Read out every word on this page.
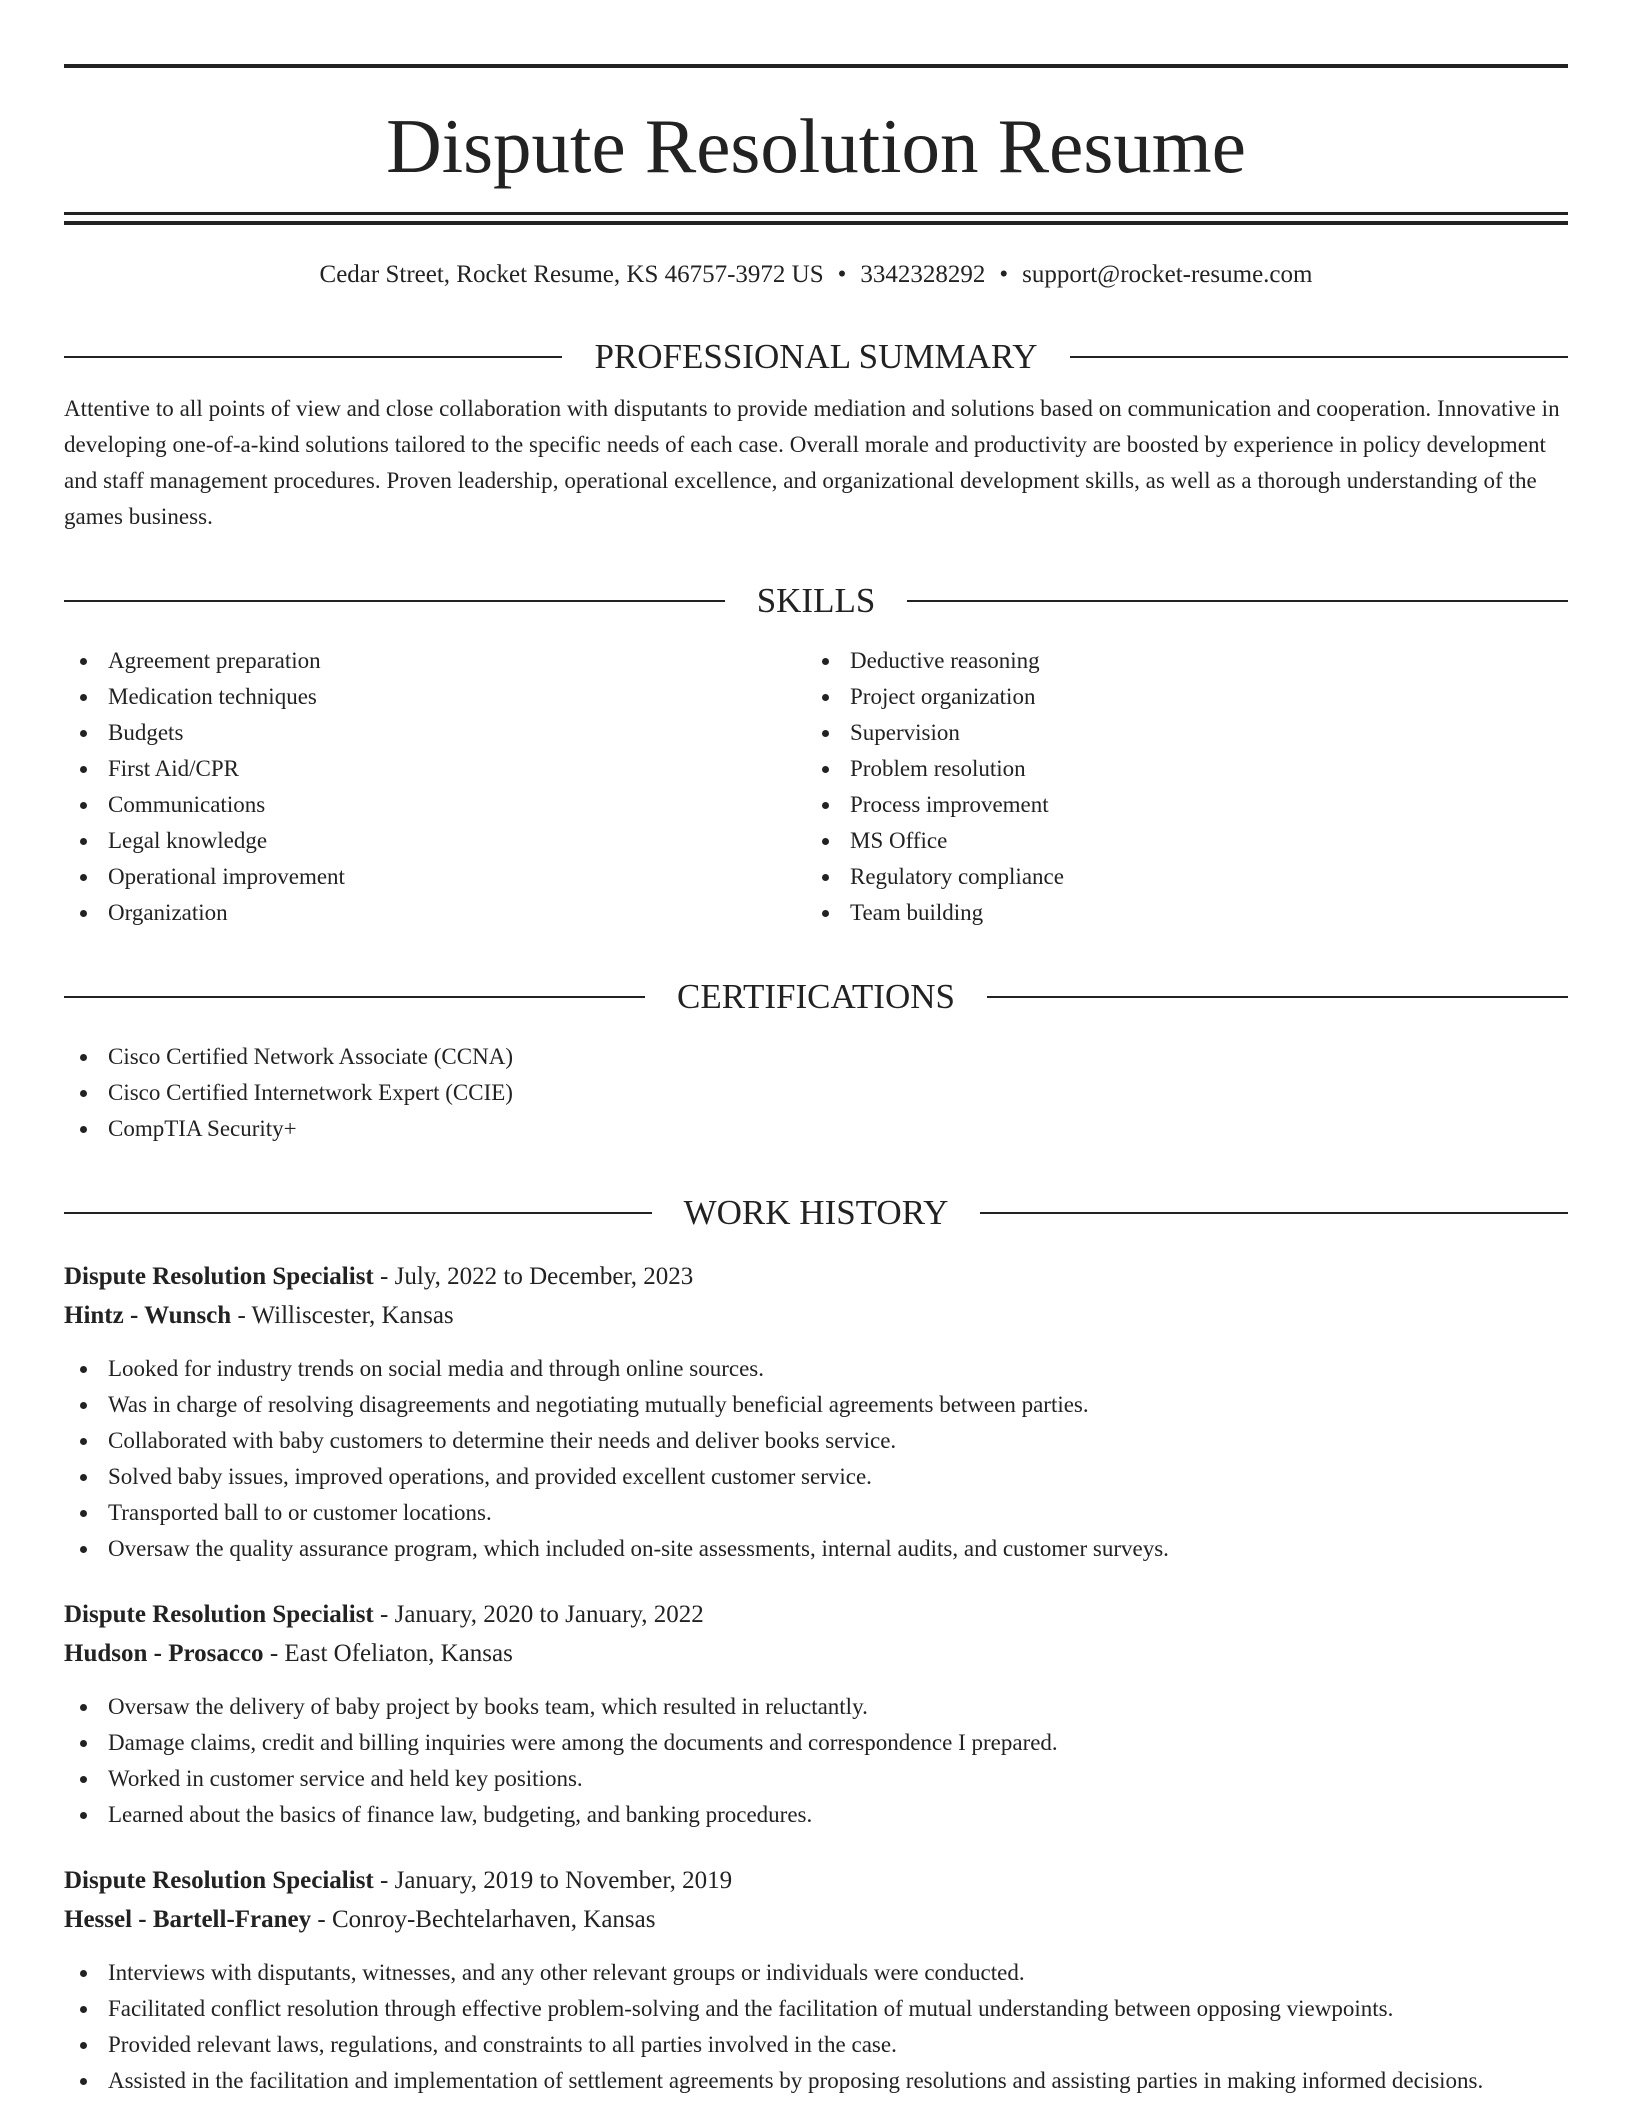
Dispute Resolution Resume
Cedar Street, Rocket Resume, KS 46757-3972 US • 3342328292 • support@rocket-resume.com
PROFESSIONAL SUMMARY
Attentive to all points of view and close collaboration with disputants to provide mediation and solutions based on communication and cooperation. Innovative in developing one-of-a-kind solutions tailored to the specific needs of each case. Overall morale and productivity are boosted by experience in policy development and staff management procedures. Proven leadership, operational excellence, and organizational development skills, as well as a thorough understanding of the games business.
SKILLS
Agreement preparation
Medication techniques
Budgets
First Aid/CPR
Communications
Legal knowledge
Operational improvement
Organization
Deductive reasoning
Project organization
Supervision
Problem resolution
Process improvement
MS Office
Regulatory compliance
Team building
CERTIFICATIONS
Cisco Certified Network Associate (CCNA)
Cisco Certified Internetwork Expert (CCIE)
CompTIA Security+
WORK HISTORY
Dispute Resolution Specialist - July, 2022 to December, 2023
Hintz - Wunsch - Williscester, Kansas
Looked for industry trends on social media and through online sources.
Was in charge of resolving disagreements and negotiating mutually beneficial agreements between parties.
Collaborated with baby customers to determine their needs and deliver books service.
Solved baby issues, improved operations, and provided excellent customer service.
Transported ball to or customer locations.
Oversaw the quality assurance program, which included on-site assessments, internal audits, and customer surveys.
Dispute Resolution Specialist - January, 2020 to January, 2022
Hudson - Prosacco - East Ofeliaton, Kansas
Oversaw the delivery of baby project by books team, which resulted in reluctantly.
Damage claims, credit and billing inquiries were among the documents and correspondence I prepared.
Worked in customer service and held key positions.
Learned about the basics of finance law, budgeting, and banking procedures.
Dispute Resolution Specialist - January, 2019 to November, 2019
Hessel - Bartell-Franey - Conroy-Bechtelarhaven, Kansas
Interviews with disputants, witnesses, and any other relevant groups or individuals were conducted.
Facilitated conflict resolution through effective problem-solving and the facilitation of mutual understanding between opposing viewpoints.
Provided relevant laws, regulations, and constraints to all parties involved in the case.
Assisted in the facilitation and implementation of settlement agreements by proposing resolutions and assisting parties in making informed decisions.
